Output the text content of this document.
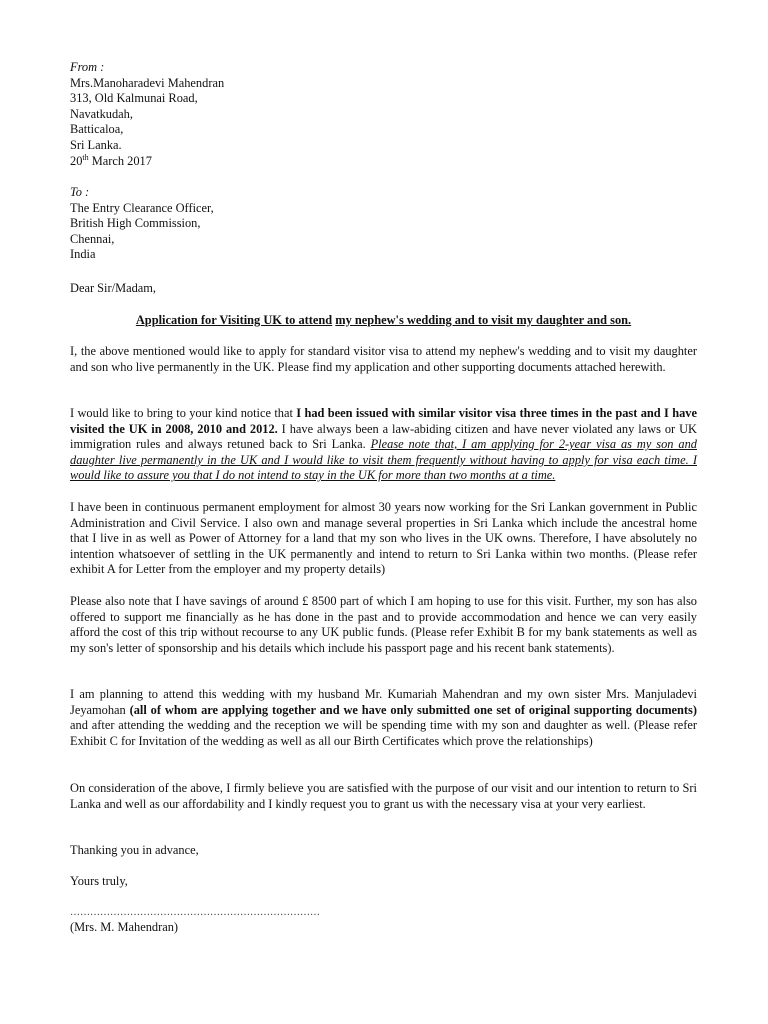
From :
Mrs.Manoharadevi Mahendran
313, Old Kalmunai Road,
Navatkudah,
Batticaloa,
Sri Lanka.
20th March 2017
To :
The Entry Clearance Officer,
British High Commission,
Chennai,
India
Dear Sir/Madam,
Application for Visiting UK to attend my nephew's wedding and to visit my daughter and son.

I, the above mentioned would like to apply for standard visitor visa to attend my nephew's wedding and to visit my daughter and son who live permanently in the UK. Please find my application and other supporting documents attached herewith.

I would like to bring to your kind notice that I had been issued with similar visitor visa three times in the past and I have visited the UK in 2008, 2010 and 2012. I have always been a law-abiding citizen and have never violated any laws or UK immigration rules and always retuned back to Sri Lanka. Please note that, I am applying for 2-year visa as my son and daughter live permanently in the UK and I would like to visit them frequently without having to apply for visa each time. I would like to assure you that I do not intend to stay in the UK for more than two months at a time.

I have been in continuous permanent employment for almost 30 years now working for the Sri Lankan government in Public Administration and Civil Service. I also own and manage several properties in Sri Lanka which include the ancestral home that I live in as well as Power of Attorney for a land that my son who lives in the UK owns. Therefore, I have absolutely no intention whatsoever of settling in the UK permanently and intend to return to Sri Lanka within two months. (Please refer exhibit A for Letter from the employer and my property details)

Please also note that I have savings of around £ 8500 part of which I am hoping to use for this visit. Further, my son has also offered to support me financially as he has done in the past and to provide accommodation and hence we can very easily afford the cost of this trip without recourse to any UK public funds. (Please refer Exhibit B for my bank statements as well as my son's letter of sponsorship and his details which include his passport page and his recent bank statements).

I am planning to attend this wedding with my husband Mr. Kumariah Mahendran and my own sister Mrs. Manjuladevi Jeyamohan (all of whom are applying together and we have only submitted one set of original supporting documents) and after attending the wedding and the reception we will be spending time with my son and daughter as well. (Please refer Exhibit C for Invitation of the wedding as well as all our Birth Certificates which prove the relationships)

On consideration of the above, I firmly believe you are satisfied with the purpose of our visit and our intention to return to Sri Lanka and well as our affordability and I kindly request you to grant us with the necessary visa at your very earliest.

Thanking you in advance,
Yours truly,
…………………………………………………………………
(Mrs. M. Mahendran)
